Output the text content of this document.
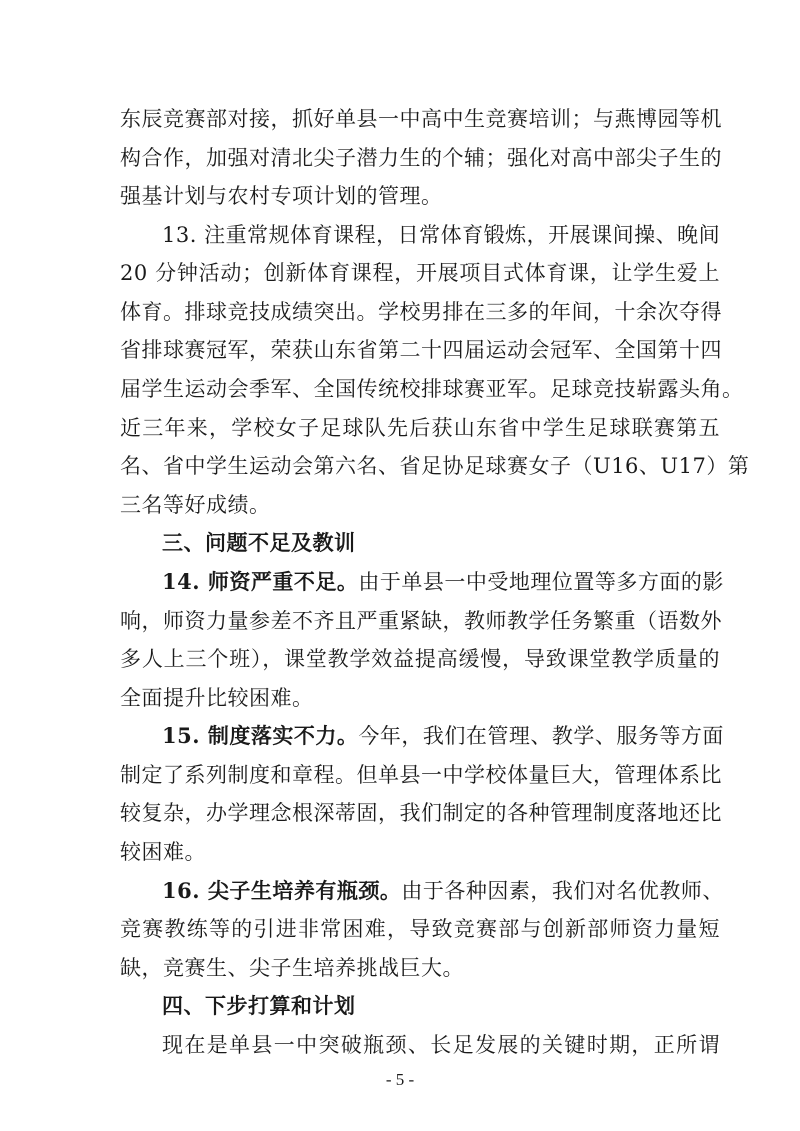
东辰竞赛部对接，抓好单县一中高中生竞赛培训；与燕博园等机
构合作，加强对清北尖子潜力生的个辅；强化对高中部尖子生的
强基计划与农村专项计划的管理。
13. 注重常规体育课程，日常体育锻炼，开展课间操、晚间
20 分钟活动；创新体育课程，开展项目式体育课，让学生爱上
体育。排球竞技成绩突出。学校男排在三多的年间，十余次夺得
省排球赛冠军，荣获山东省第二十四届运动会冠军、全国第十四
届学生运动会季军、全国传统校排球赛亚军。足球竞技崭露头角。
近三年来，学校女子足球队先后获山东省中学生足球联赛第五
名、省中学生运动会第六名、省足协足球赛女子（U16、U17）第
三名等好成绩。
三、问题不足及教训
14. 师资严重不足。由于单县一中受地理位置等多方面的影
响，师资力量参差不齐且严重紧缺，教师教学任务繁重（语数外
多人上三个班），课堂教学效益提高缓慢，导致课堂教学质量的
全面提升比较困难。
15. 制度落实不力。今年，我们在管理、教学、服务等方面
制定了系列制度和章程。但单县一中学校体量巨大，管理体系比
较复杂，办学理念根深蒂固，我们制定的各种管理制度落地还比
较困难。
16. 尖子生培养有瓶颈。由于各种因素，我们对名优教师、
竞赛教练等的引进非常困难，导致竞赛部与创新部师资力量短
缺，竞赛生、尖子生培养挑战巨大。
四、下步打算和计划
现在是单县一中突破瓶颈、长足发展的关键时期，正所谓
- 5 -
